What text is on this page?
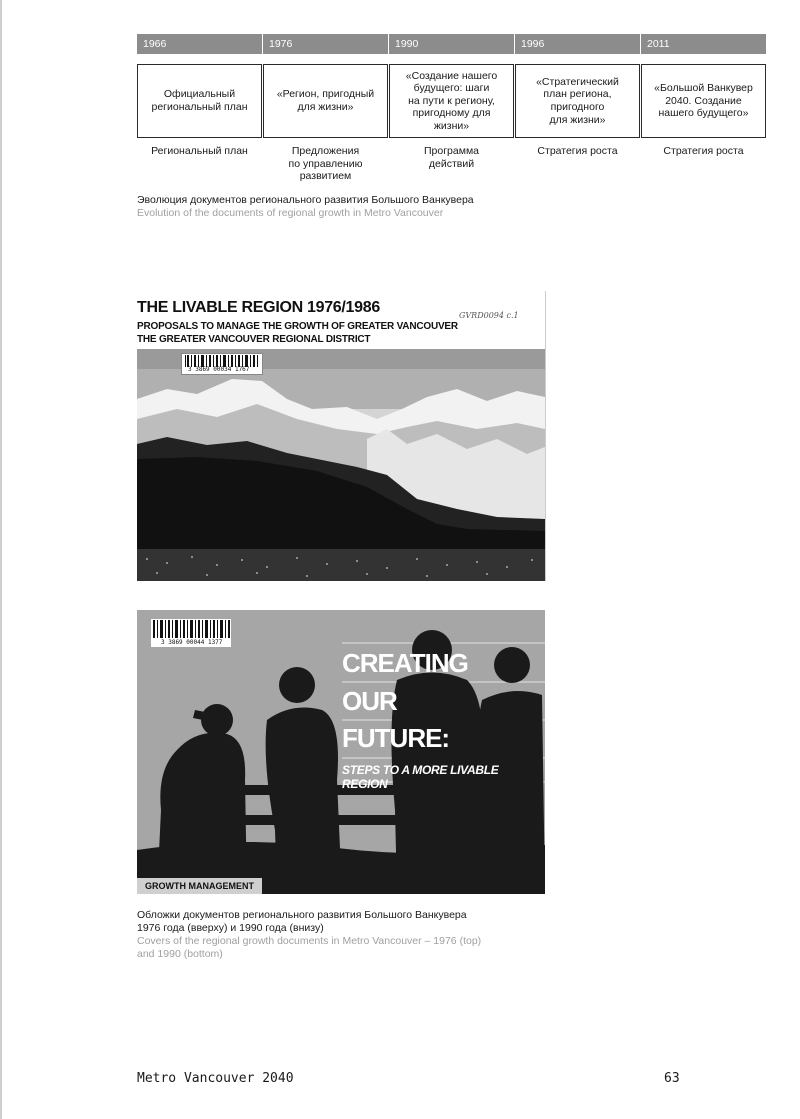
1966
Официальный
региональный план
Региональный план
1976
«Регион, пригодный
для жизни»
Предложения
по управлению
развитием
1990
«Создание нашего
будущего: шаги
на пути к региону,
пригодному для
жизни»
Программа
действий
1996
«Стратегический
план региона,
пригодного
для жизни»
Стратегия роста
2011
«Большой Ванкувер
2040. Создание
нашего будущего»
Стратегия роста
Эволюция документов регионального развития Большого Ванкувера
Evolution of the documents of regional growth in Metro Vancouver
THE LIVABLE REGION 1976/1986
PROPOSALS TO MANAGE THE GROWTH OF GREATER VANCOUVER
THE GREATER VANCOUVER REGIONAL DISTRICT
GVRD0094 c.1
3 3869 00034 1767
3 3869 00044 1377
CREATING
OUR
FUTURE:
STEPS TO A MORE LIVABLE REGION
GROWTH MANAGEMENT
Обложки документов регионального развития Большого Ванкувера
1976 года (вверху) и 1990 года (внизу)
Covers of the regional growth documents in Metro Vancouver – 1976 (top)
and 1990 (bottom)
Metro Vancouver 2040	63
